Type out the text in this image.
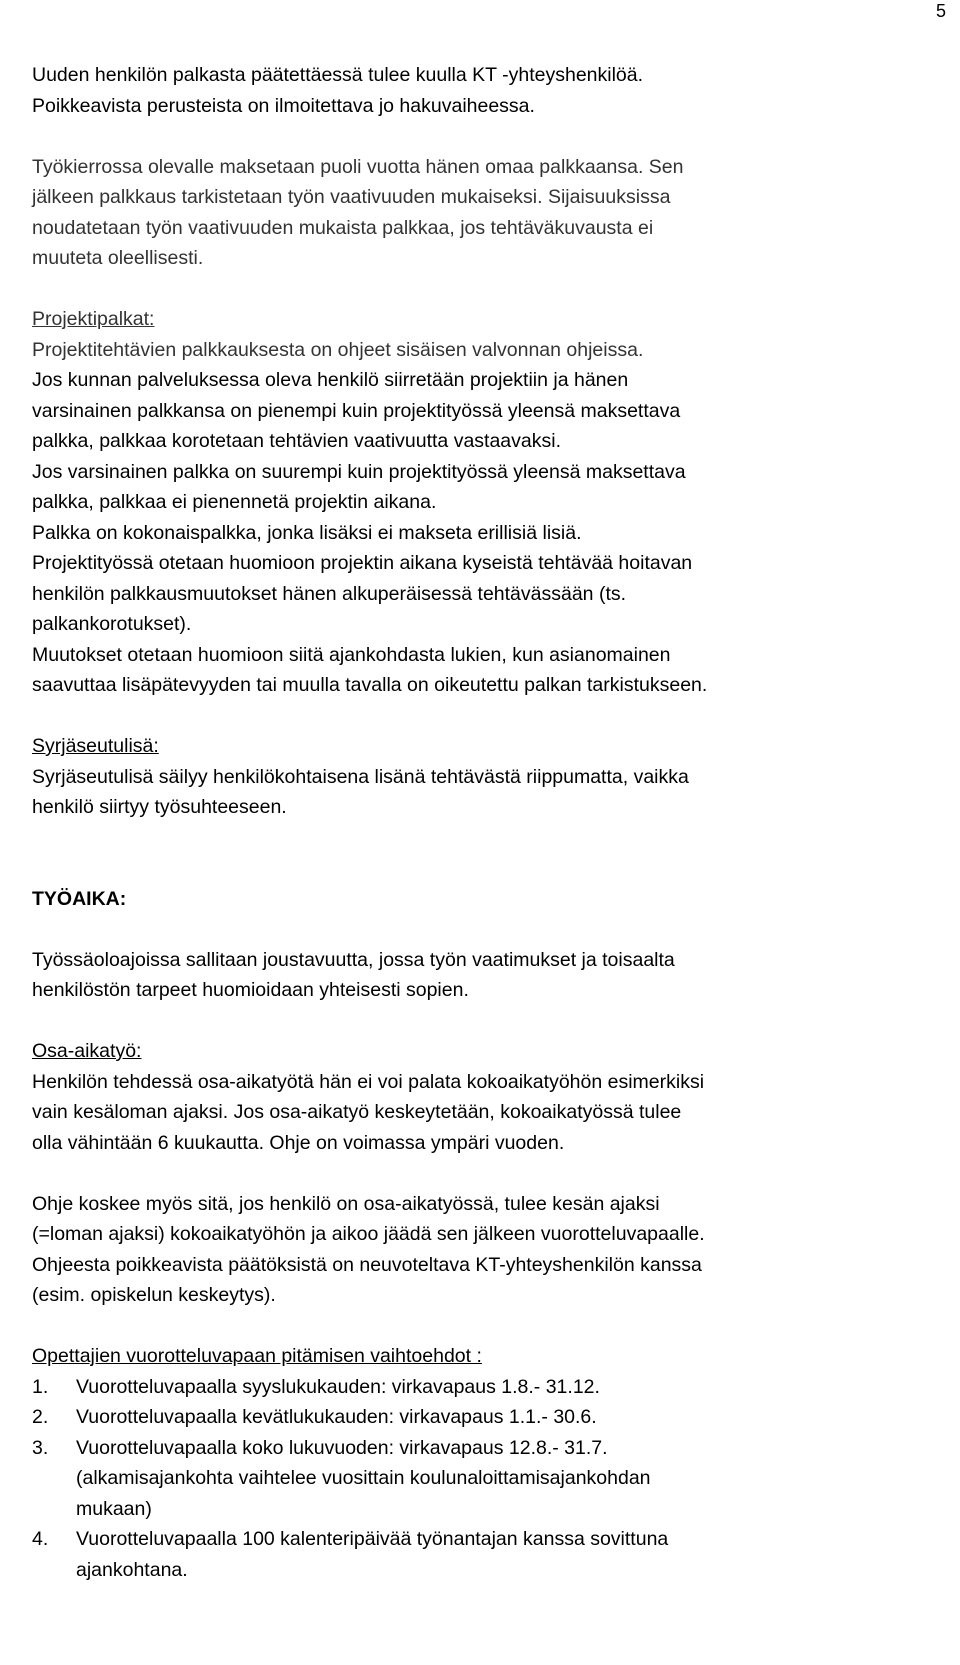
5

Uuden henkilön palkasta päätettäessä tulee kuulla KT -yhteyshenkilöä.

Poikkeavista perusteista on ilmoitettava jo hakuvaiheessa.

Työkierrossa olevalle maksetaan puoli vuotta hänen omaa palkkaansa. Sen

jälkeen palkkaus tarkistetaan työn vaativuuden mukaiseksi. Sijaisuuksissa

noudatetaan työn vaativuuden mukaista palkkaa, jos tehtäväkuvausta ei

muuteta oleellisesti.

Projektipalkat:

Projektitehtävien palkkauksesta on ohjeet sisäisen valvonnan ohjeissa.

Jos kunnan palveluksessa oleva henkilö siirretään projektiin ja hänen

varsinainen palkkansa on pienempi kuin projektityössä yleensä maksettava

palkka, palkkaa korotetaan tehtävien vaativuutta vastaavaksi.

Jos varsinainen palkka on suurempi kuin projektityössä yleensä maksettava

palkka, palkkaa ei pienennetä projektin aikana.

Palkka on kokonaispalkka, jonka lisäksi ei makseta erillisiä lisiä.

Projektityössä otetaan huomioon projektin aikana kyseistä tehtävää hoitavan

henkilön palkkausmuutokset hänen alkuperäisessä tehtävässään (ts.

palkankorotukset).

Muutokset otetaan huomioon siitä ajankohdasta lukien, kun asianomainen

saavuttaa lisäpätevyyden tai muulla tavalla on oikeutettu palkan tarkistukseen.

Syrjäseutulisä:

Syrjäseutulisä säilyy henkilökohtaisena lisänä tehtävästä riippumatta, vaikka

henkilö siirtyy työsuhteeseen.

TYÖAIKA:

Työssäoloajoissa sallitaan joustavuutta, jossa työn vaatimukset ja toisaalta

henkilöstön tarpeet huomioidaan yhteisesti sopien.

Osa-aikatyö:

Henkilön tehdessä osa-aikatyötä hän ei voi palata kokoaikatyöhön esimerkiksi

vain kesäloman ajaksi. Jos osa-aikatyö keskeytetään, kokoaikatyössä tulee

olla vähintään 6 kuukautta. Ohje on voimassa ympäri vuoden.

Ohje koskee myös sitä, jos henkilö on osa-aikatyössä, tulee kesän ajaksi

(=loman ajaksi) kokoaikatyöhön ja aikoo jäädä sen jälkeen vuorotteluvapaalle.

Ohjeesta poikkeavista päätöksistä on neuvoteltava KT-yhteyshenkilön kanssa

(esim. opiskelun keskeytys).

Opettajien vuorotteluvapaan pitämisen vaihtoehdot :

1.	Vuorotteluvapaalla syyslukukauden: virkavapaus 1.8.- 31.12.

2.	Vuorotteluvapaalla kevätlukukauden: virkavapaus 1.1.- 30.6.

3.	Vuorotteluvapaalla koko lukuvuoden: virkavapaus 12.8.- 31.7.

(alkamisajankohta vaihtelee vuosittain koulunaloittamisajankohdan

mukaan)

4.	Vuorotteluvapaalla 100 kalenteripäivää työnantajan kanssa sovittuna

ajankohtana.
